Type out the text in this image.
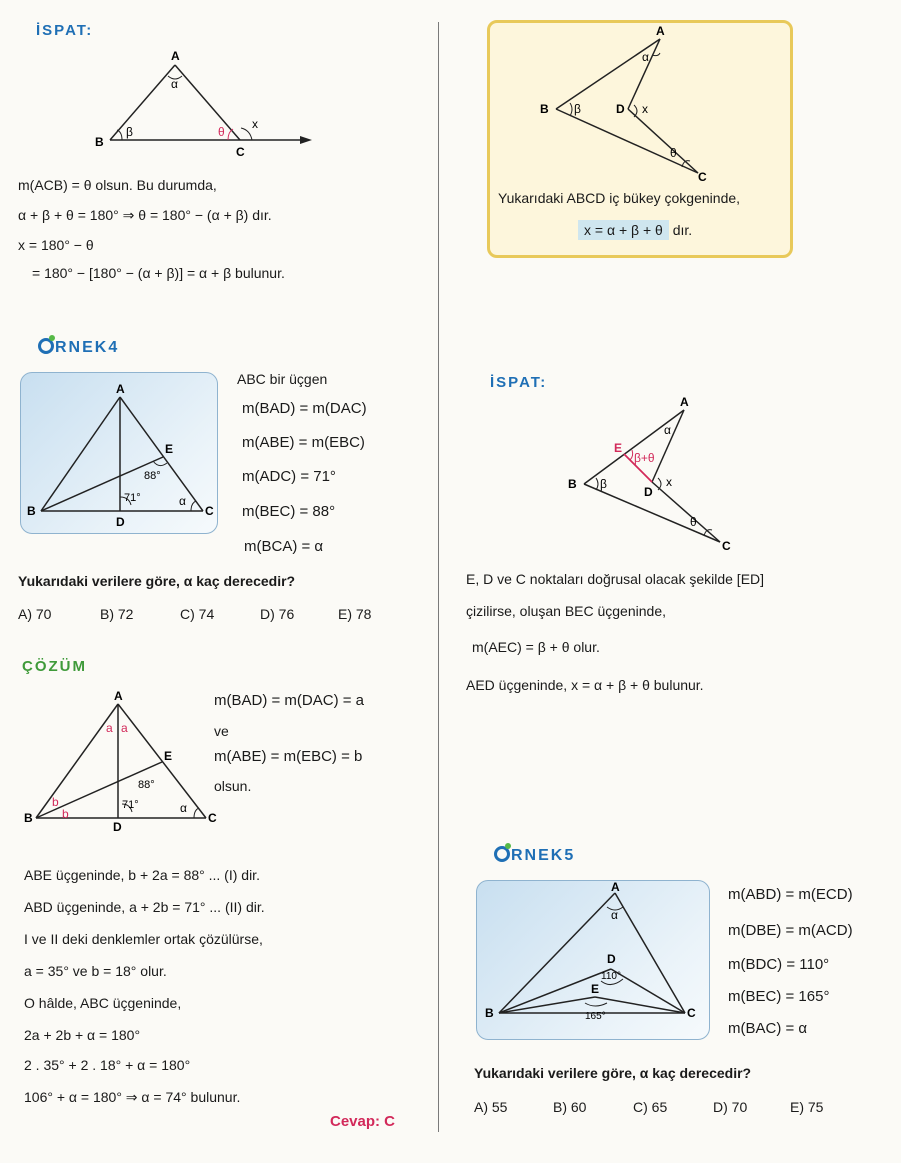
İSPAT:
A
B
C
α
β	θ
x
m(ACB) = θ olsun. Bu durumda,
α + β + θ = 180° ⇒ θ = 180° − (α + β) dır.
x = 180° − θ
= 180° − [180° − (α + β)] = α + β bulunur.
RNEK4
A
B	C
D
E
88°
71°	α
ABC bir üçgen
m(BAD) = m(DAC)
m(ABE) = m(EBC)
m(ADC) = 71°
m(BEC) = 88°
m(BCA) = α
Yukarıdaki verilere göre, α kaç derecedir?
A) 70	B) 72	C) 74	D) 76	E) 78
ÇÖZÜM
A
B	C
D
E
a a
b
b
88°
71°	α
m(BAD) = m(DAC) = a
ve
m(ABE) = m(EBC) = b
olsun.
ABE üçgeninde, b + 2a = 88° ... (I) dir.
ABD üçgeninde, a + 2b = 71° ... (II) dir.
I ve II deki denklemler ortak çözülürse,
a = 35° ve b = 18° olur.
O hâlde, ABC üçgeninde,
2a + 2b + α = 180°
2 . 35° + 2 . 18° + α = 180°
106° + α = 180° ⇒ α = 74° bulunur.
Cevap: C
A
B	D
C
α
β	x
θ
Yukarıdaki ABCD iç bükey çokgeninde,
x = α + β + θ dır.
İSPAT:
A
B
D
E
C
β+θ
α
β	x
θ
E, D ve C noktaları doğrusal olacak şekilde [ED]
çizilirse, oluşan BEC üçgeninde,
m(AEC) = β + θ olur.
AED üçgeninde, x = α + β + θ bulunur.
RNEK5
A
B	C
D
E
α
110°
165°
m(ABD) = m(ECD)
m(DBE) = m(ACD)
m(BDC) = 110°
m(BEC) = 165°
m(BAC) = α
Yukarıdaki verilere göre, α kaç derecedir?
A) 55	B) 60	C) 65	D) 70	E) 75
